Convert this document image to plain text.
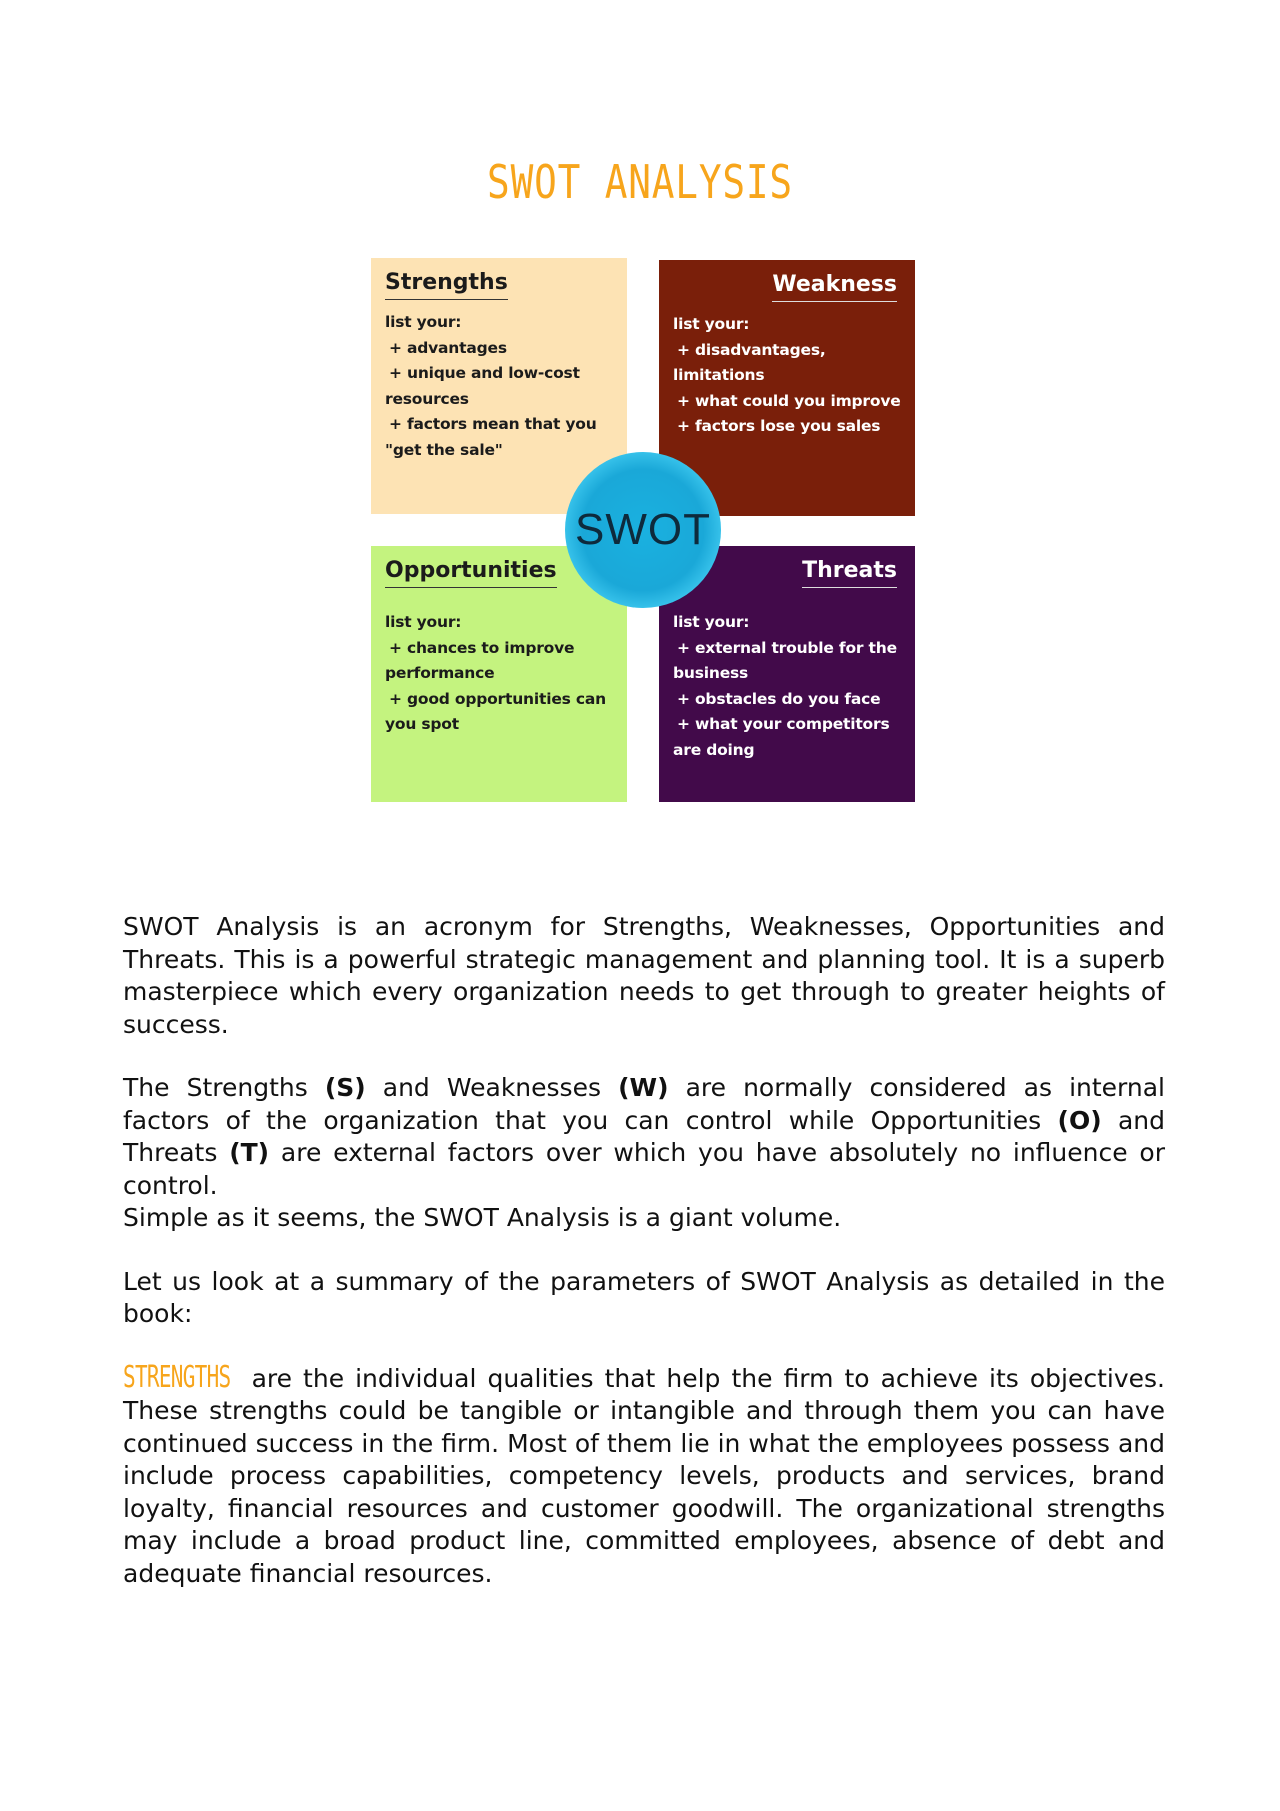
SWOT ANALYSIS
Strengths
list your:
+ advantages
+ unique and low-cost
resources
+ factors mean that you
"get the sale"
Weakness
list your:
+ disadvantages,
limitations
+ what could you improve
+ factors lose you sales
Opportunities
list your:
+ chances to improve
performance
+ good opportunities can
you spot
Threats
list your:
+ external trouble for the
business
+ obstacles do you face
+ what your competitors
are doing
SWOT

SWOT Analysis is an acronym for Strengths, Weaknesses, Opportunities and Threats. This is a powerful strategic management and planning tool. It is a superb masterpiece which every organization needs to get through to greater heights of success.

The Strengths (S) and Weaknesses (W) are normally considered as internal factors of the organization that you can control while Opportunities (O) and Threats (T) are external factors over which you have absolutely no influence or control.

Simple as it seems, the SWOT Analysis is a giant volume.

Let us look at a summary of the parameters of SWOT Analysis as detailed in the book:

STRENGTHS are the individual qualities that help the firm to achieve its objectives. These strengths could be tangible or intangible and through them you can have continued success in the firm. Most of them lie in what the employees possess and include process capabilities, competency levels, products and services, brand loyalty, financial resources and customer goodwill. The organizational strengths may include a broad product line, committed employees, absence of debt and adequate financial resources.
